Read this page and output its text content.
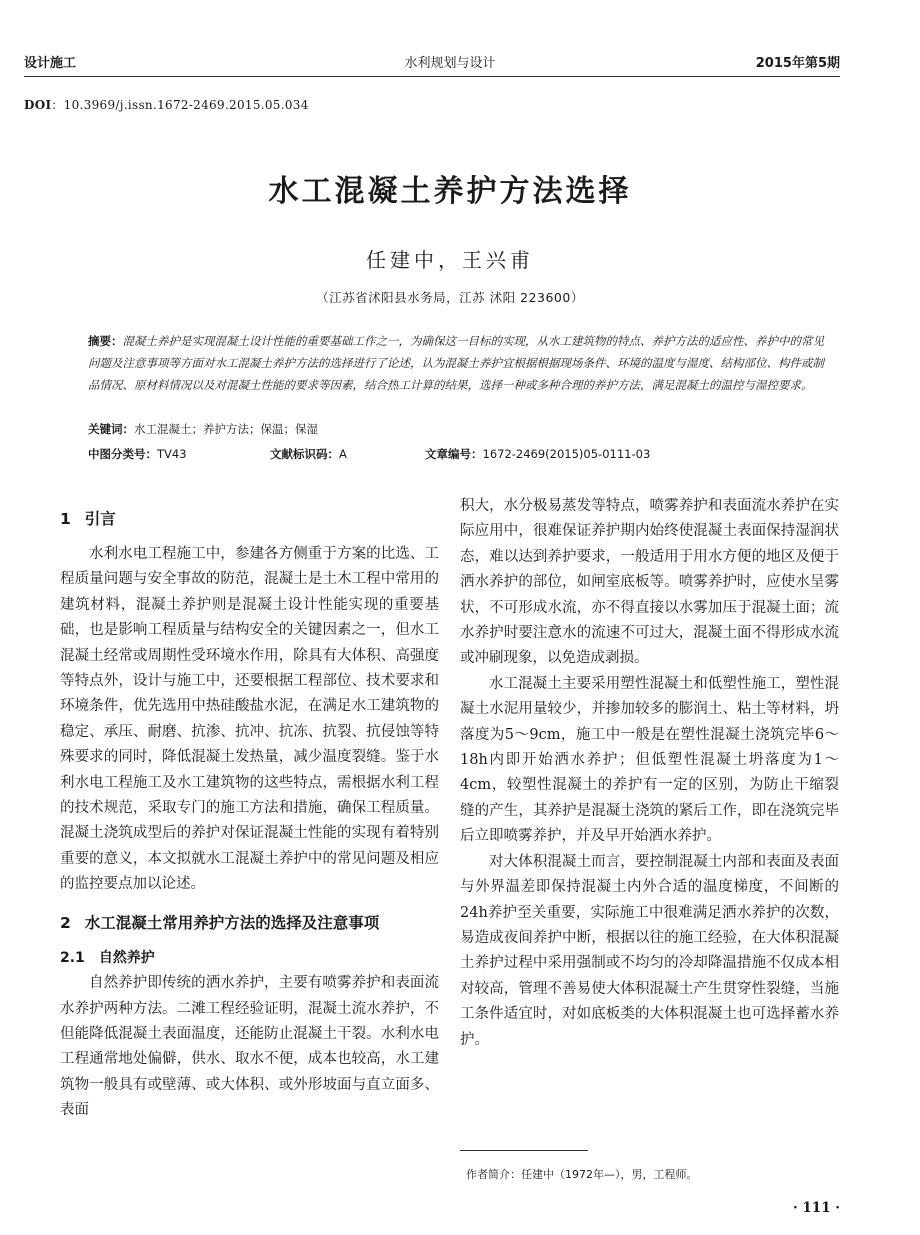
设计施工	水利规划与设计	2015年第5期
DOI：10.3969/j.issn.1672-2469.2015.05.034
水工混凝土养护方法选择
任建中，王兴甫
（江苏省沭阳县水务局，江苏 沭阳 223600）
摘要：混凝土养护是实现混凝土设计性能的重要基础工作之一，为确保这一目标的实现，从水工建筑物的特点、养护方法的适应性、养护中的常见问题及注意事项等方面对水工混凝土养护方法的选择进行了论述，认为混凝土养护宜根据根据现场条件、环境的温度与湿度、结构部位、构件或制品情况、原材料情况以及对混凝土性能的要求等因素，结合热工计算的结果，选择一种或多种合理的养护方法，满足混凝土的温控与湿控要求。
关键词：水工混凝土；养护方法；保温；保湿
中图分类号：TV43	文献标识码：A	文章编号：1672-2469(2015)05-0111-03
1 引言

水利水电工程施工中，参建各方侧重于方案的比选、工程质量问题与安全事故的防范，混凝土是土木工程中常用的建筑材料，混凝土养护则是混凝土设计性能实现的重要基础，也是影响工程质量与结构安全的关键因素之一，但水工混凝土经常或周期性受环境水作用，除具有大体积、高强度等特点外，设计与施工中，还要根据工程部位、技术要求和环境条件，优先选用中热硅酸盐水泥，在满足水工建筑物的稳定、承压、耐磨、抗渗、抗冲、抗冻、抗裂、抗侵蚀等特殊要求的同时，降低混凝土发热量，减少温度裂缝。鉴于水利水电工程施工及水工建筑物的这些特点，需根据水利工程的技术规范，采取专门的施工方法和措施，确保工程质量。混凝土浇筑成型后的养护对保证混凝土性能的实现有着特别重要的意义，本文拟就水工混凝土养护中的常见问题及相应的监控要点加以论述。

2 水工混凝土常用养护方法的选择及注意事项
2.1 自然养护

自然养护即传统的洒水养护，主要有喷雾养护和表面流水养护两种方法。二滩工程经验证明，混凝土流水养护，不但能降低混凝土表面温度，还能防止混凝土干裂。水利水电工程通常地处偏僻，供水、取水不便，成本也较高，水工建筑物一般具有或壁薄、或大体积、或外形坡面与直立面多、表面

积大，水分极易蒸发等特点，喷雾养护和表面流水养护在实际应用中，很难保证养护期内始终使混凝土表面保持湿润状态，难以达到养护要求，一般适用于用水方便的地区及便于洒水养护的部位，如闸室底板等。喷雾养护时，应使水呈雾状，不可形成水流，亦不得直接以水雾加压于混凝土面；流水养护时要注意水的流速不可过大，混凝土面不得形成水流或冲刷现象，以免造成剥损。

水工混凝土主要采用塑性混凝土和低塑性施工，塑性混凝土水泥用量较少，并掺加较多的膨润土、粘土等材料，坍落度为5～9cm，施工中一般是在塑性混凝土浇筑完毕6～18h内即开始洒水养护；但低塑性混凝土坍落度为1～4cm，较塑性混凝土的养护有一定的区别，为防止干缩裂缝的产生，其养护是混凝土浇筑的紧后工作，即在浇筑完毕后立即喷雾养护，并及早开始洒水养护。

对大体积混凝土而言，要控制混凝土内部和表面及表面与外界温差即保持混凝土内外合适的温度梯度，不间断的24h养护至关重要，实际施工中很难满足洒水养护的次数，易造成夜间养护中断，根据以往的施工经验，在大体积混凝土养护过程中采用强制或不均匀的冷却降温措施不仅成本相对较高，管理不善易使大体积混凝土产生贯穿性裂缝，当施工条件适宜时，对如底板类的大体积混凝土也可选择蓄水养护。

作者简介：任建中（1972年—），男，工程师。
· 111 ·
